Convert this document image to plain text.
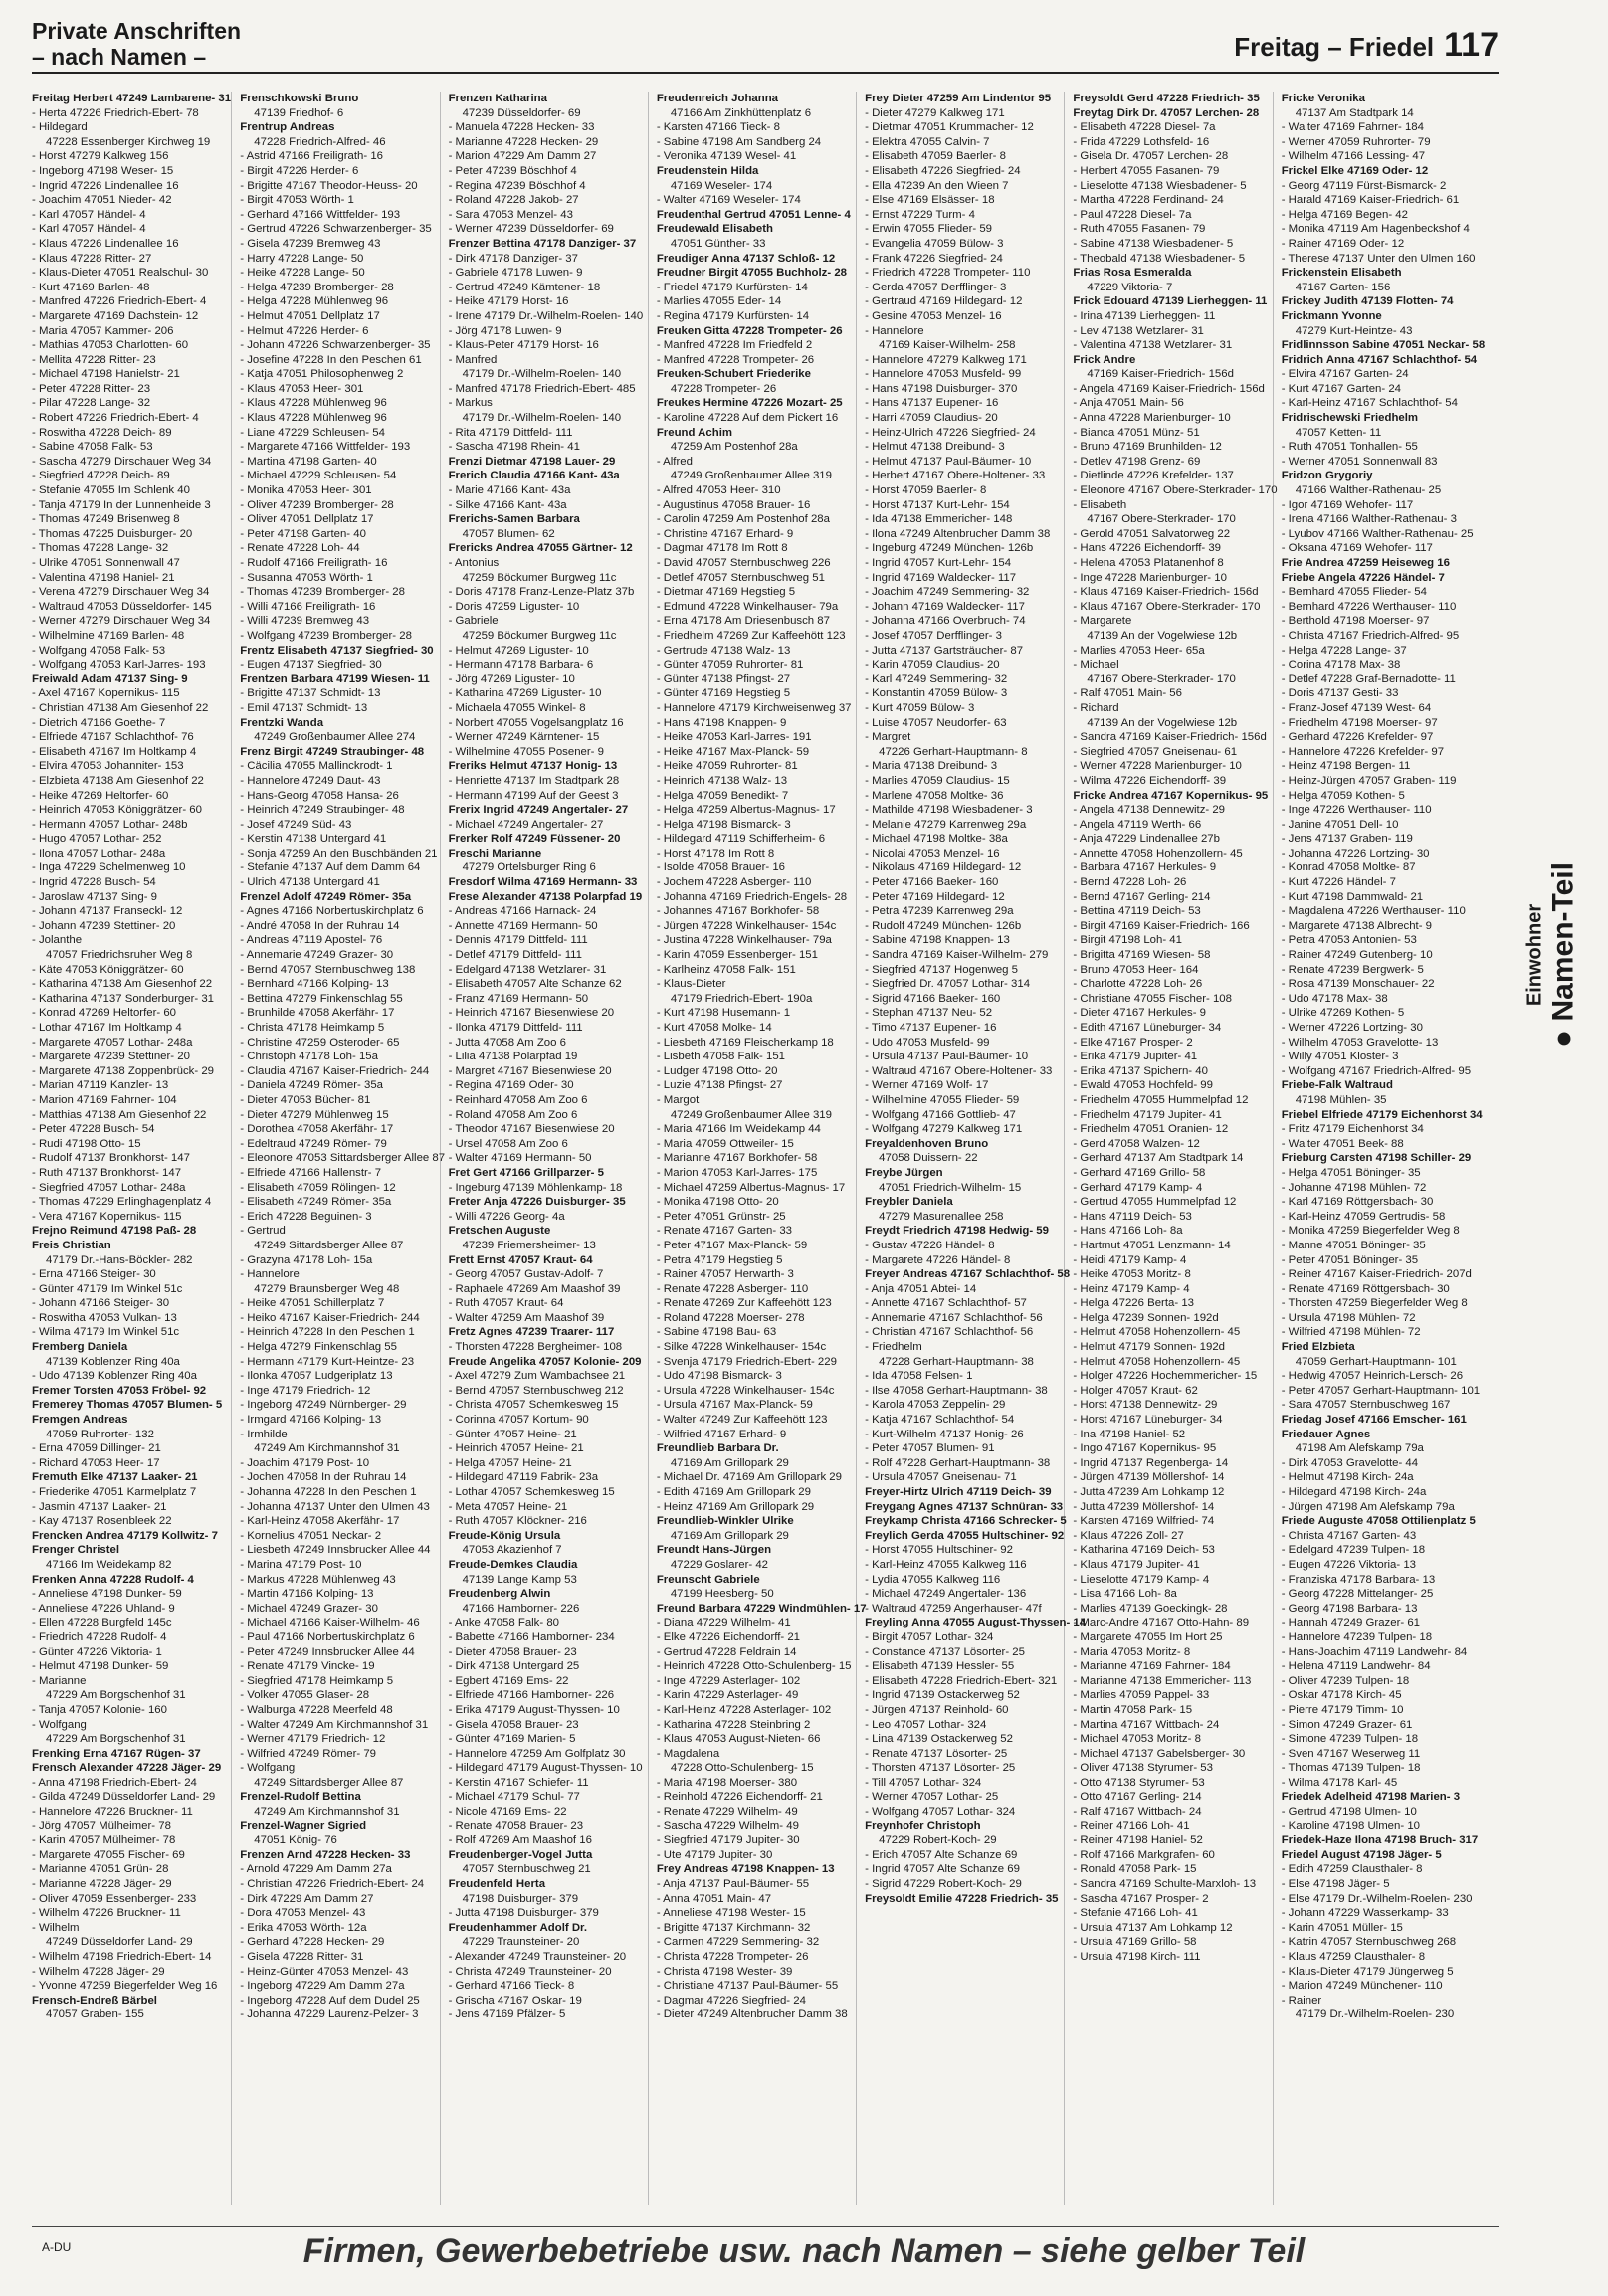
Private Anschriften
– nach Namen –	Freitag – Friedel 117
Freitag Herbert 47249 Lambarene- 31
- Herta 47226 Friedrich-Ebert- 78
- Hildegard
47228 Essenberger Kirchweg 19
- Horst 47279 Kalkweg 156
- Ingeborg 47198 Weser- 15
- Ingrid 47226 Lindenallee 16
- Joachim 47051 Nieder- 42
- Karl 47057 Händel- 4
- Karl 47057 Händel- 4
- Klaus 47226 Lindenallee 16
- Klaus 47228 Ritter- 27
- Klaus-Dieter 47051 Realschul- 30
- Kurt 47169 Barlen- 48
- Manfred 47226 Friedrich-Ebert- 4
- Margarete 47169 Dachstein- 12
- Maria 47057 Kammer- 206
- Mathias 47053 Charlotten- 60
- Mellita 47228 Ritter- 23
- Michael 47198 Hanielstr- 21
- Peter 47228 Ritter- 23
- Pilar 47228 Lange- 32
- Robert 47226 Friedrich-Ebert- 4
- Roswitha 47228 Deich- 89
- Sabine 47058 Falk- 53
- Sascha 47279 Dirschauer Weg 34
- Siegfried 47228 Deich- 89
- Stefanie 47055 Im Schlenk 40
- Tanja 47179 In der Lunnenheide 3
- Thomas 47249 Brisenweg 8
- Thomas 47225 Duisburger- 20
- Thomas 47228 Lange- 32
- Ulrike 47051 Sonnenwall 47
- Valentina 47198 Haniel- 21
- Verena 47279 Dirschauer Weg 34
- Waltraud 47053 Düsseldorfer- 145
- Werner 47279 Dirschauer Weg 34
- Wilhelmine 47169 Barlen- 48
- Wolfgang 47058 Falk- 53
- Wolfgang 47053 Karl-Jarres- 193
Freiwald Adam 47137 Sing- 9
- Axel 47167 Kopernikus- 115
- Christian 47138 Am Giesenhof 22
- Dietrich 47166 Goethe- 7
- Elfriede 47167 Schlachthof- 76
- Elisabeth 47167 Im Holtkamp 4
- Elvira 47053 Johanniter- 153
- Elzbieta 47138 Am Giesenhof 22
- Heike 47269 Heltorfer- 60
- Heinrich 47053 Königgrätzer- 60
- Hermann 47057 Lothar- 248b
- Hugo 47057 Lothar- 252
- Ilona 47057 Lothar- 248a
- Inga 47229 Schelmenweg 10
- Ingrid 47228 Busch- 54
- Jaroslaw 47137 Sing- 9
- Johann 47137 Franseckl- 12
- Johann 47239 Stettiner- 20
- Jolanthe
47057 Friedrichsruher Weg 8
- Käte 47053 Königgrätzer- 60
- Katharina 47138 Am Giesenhof 22
- Katharina 47137 Sonderburger- 31
- Konrad 47269 Heltorfer- 60
- Lothar 47167 Im Holtkamp 4
- Margarete 47057 Lothar- 248a
- Margarete 47239 Stettiner- 20
- Margarete 47138 Zoppenbrück- 29
- Marian 47119 Kanzler- 13
- Marion 47169 Fahrner- 104
- Matthias 47138 Am Giesenhof 22
- Peter 47228 Busch- 54
- Rudi 47198 Otto- 15
- Rudolf 47137 Bronkhorst- 147
- Ruth 47137 Bronkhorst- 147
- Siegfried 47057 Lothar- 248a
- Thomas 47229 Erlinghagenplatz 4
- Vera 47167 Kopernikus- 115
Frejno Reimund 47198 Paß- 28
Freis Christian
47179 Dr.-Hans-Böckler- 282
- Erna 47166 Steiger- 30
- Günter 47179 Im Winkel 51c
- Johann 47166 Steiger- 30
- Roswitha 47053 Vulkan- 13
- Wilma 47179 Im Winkel 51c
Fremberg Daniela
47139 Koblenzer Ring 40a
- Udo 47139 Koblenzer Ring 40a
Fremer Torsten 47053 Fröbel- 92
Fremerey Thomas 47057 Blumen- 5
Fremgen Andreas
47059 Ruhrorter- 132
- Erna 47059 Dillinger- 21
- Richard 47053 Heer- 17
Fremuth Elke 47137 Laaker- 21
- Friederike 47051 Karmelplatz 7
- Jasmin 47137 Laaker- 21
- Kay 47137 Rosenbleek 22
Frencken Andrea 47179 Kollwitz- 7
Frenger Christel
47166 Im Weidekamp 82
Frenken Anna 47228 Rudolf- 4
- Anneliese 47198 Dunker- 59
- Anneliese 47226 Uhland- 9
- Ellen 47228 Burgfeld 145c
- Friedrich 47228 Rudolf- 4
- Günter 47226 Viktoria- 1
- Helmut 47198 Dunker- 59
- Marianne
47229 Am Borgschenhof 31
- Tanja 47057 Kolonie- 160
- Wolfgang
47229 Am Borgschenhof 31
Frenking Erna 47167 Rügen- 37
Frensch Alexander 47228 Jäger- 29
- Anna 47198 Friedrich-Ebert- 24
- Gilda 47249 Düsseldorfer Land- 29
- Hannelore 47226 Bruckner- 11
- Jörg 47057 Mülheimer- 78
- Karin 47057 Mülheimer- 78
- Margarete 47055 Fischer- 69
- Marianne 47051 Grün- 28
- Marianne 47228 Jäger- 29
- Oliver 47059 Essenberger- 233
- Wilhelm 47226 Bruckner- 11
- Wilhelm
47249 Düsseldorfer Land- 29
- Wilhelm 47198 Friedrich-Ebert- 14
- Wilhelm 47228 Jäger- 29
- Yvonne 47259 Biegerfelder Weg 16
Frensch-Endreß Bärbel
47057 Graben- 155
Frenschkowski Bruno
47139 Friedhof- 6
Frentrup Andreas
47228 Friedrich-Alfred- 46
- Astrid 47166 Freiligrath- 16
- Birgit 47226 Herder- 6
- Brigitte 47167 Theodor-Heuss- 20
- Birgit 47053 Wörth- 1
- Gerhard 47166 Wittfelder- 193
- Gertrud 47226 Schwarzenberger- 35
- Gisela 47239 Bremweg 43
- Harry 47228 Lange- 50
- Heike 47228 Lange- 50
- Helga 47239 Bromberger- 28
- Helga 47228 Mühlenweg 96
- Helmut 47051 Dellplatz 17
- Helmut 47226 Herder- 6
- Johann 47226 Schwarzenberger- 35
- Josefine 47228 In den Peschen 61
- Katja 47051 Philosophenweg 2
- Klaus 47053 Heer- 301
- Klaus 47228 Mühlenweg 96
- Klaus 47228 Mühlenweg 96
- Liane 47229 Schleusen- 54
- Margarete 47166 Wittfelder- 193
- Martina 47198 Garten- 40
- Michael 47229 Schleusen- 54
- Monika 47053 Heer- 301
- Oliver 47239 Bromberger- 28
- Oliver 47051 Dellplatz 17
- Peter 47198 Garten- 40
- Renate 47228 Loh- 44
- Rudolf 47166 Freiligrath- 16
- Susanna 47053 Wörth- 1
- Thomas 47239 Bromberger- 28
- Willi 47166 Freiligrath- 16
- Willi 47239 Bremweg 43
- Wolfgang 47239 Bromberger- 28
Frentz Elisabeth 47137 Siegfried- 30
- Eugen 47137 Siegfried- 30
Frentzen Barbara 47199 Wiesen- 11
- Brigitte 47137 Schmidt- 13
- Emil 47137 Schmidt- 13
Frentzki Wanda
47249 Großenbaumer Allee 274
Frenz Birgit 47249 Straubinger- 48
- Cäcilia 47055 Mallinckrodt- 1
- Hannelore 47249 Daut- 43
- Hans-Georg 47058 Hansa- 26
- Heinrich 47249 Straubinger- 48
- Josef 47249 Süd- 43
- Kerstin 47138 Untergard 41
- Sonja 47259 An den Buschbänden 21
- Stefanie 47137 Auf dem Damm 64
- Ulrich 47138 Untergard 41
Frenzel Adolf 47249 Römer- 35a
- Agnes 47166 Norbertuskirchplatz 6
- André 47058 In der Ruhrau 14
- Andreas 47119 Apostel- 76
- Annemarie 47249 Grazer- 30
- Bernd 47057 Sternbuschweg 138
- Bernhard 47166 Kolping- 13
- Bettina 47279 Finkenschlag 55
- Brunhilde 47058 Akerfähr- 17
- Christa 47178 Heimkamp 5
- Christine 47259 Osteroder- 65
- Christoph 47178 Loh- 15a
- Claudia 47167 Kaiser-Friedrich- 244
- Daniela 47249 Römer- 35a
- Dieter 47053 Bücher- 81
- Dieter 47279 Mühlenweg 15
- Dorothea 47058 Akerfähr- 17
- Edeltraud 47249 Römer- 79
- Eleonore 47053 Sittardsberger Allee 87
- Elfriede 47166 Hallenstr- 7
- Elisabeth 47059 Rölingen- 12
- Elisabeth 47249 Römer- 35a
- Erich 47228 Beguinen- 3
- Gertrud
47249 Sittardsberger Allee 87
- Grazyna 47178 Loh- 15a
- Hannelore
47279 Braunsberger Weg 48
- Heike 47051 Schillerplatz 7
- Heiko 47167 Kaiser-Friedrich- 244
- Heinrich 47228 In den Peschen 1
- Helga 47279 Finkenschlag 55
- Hermann 47179 Kurt-Heintze- 23
- Ilonka 47057 Ludgeriplatz 13
- Inge 47179 Friedrich- 12
- Ingeborg 47249 Nürnberger- 29
- Irmgard 47166 Kolping- 13
- Irmhilde
47249 Am Kirchmannshof 31
- Joachim 47179 Post- 10
- Jochen 47058 In der Ruhrau 14
- Johanna 47228 In den Peschen 1
- Johanna 47137 Unter den Ulmen 43
- Karl-Heinz 47058 Akerfähr- 17
- Kornelius 47051 Neckar- 2
- Liesbeth 47249 Innsbrucker Allee 44
- Marina 47179 Post- 10
- Markus 47228 Mühlenweg 43
- Martin 47166 Kolping- 13
- Michael 47249 Grazer- 30
- Michael 47166 Kaiser-Wilhelm- 46
- Paul 47166 Norbertuskirchplatz 6
- Peter 47249 Innsbrucker Allee 44
- Renate 47179 Vincke- 19
- Siegfried 47178 Heimkamp 5
- Volker 47055 Glaser- 28
- Walburga 47228 Meerfeld 48
- Walter 47249 Am Kirchmannshof 31
- Werner 47179 Friedrich- 12
- Wilfried 47249 Römer- 79
- Wolfgang
47249 Sittardsberger Allee 87
Frenzel-Rudolf Bettina
47249 Am Kirchmannshof 31
Frenzel-Wagner Sigried
47051 König- 76
Frenzen Arnd 47228 Hecken- 33
- Arnold 47229 Am Damm 27a
- Christian 47226 Friedrich-Ebert- 24
- Dirk 47229 Am Damm 27
- Dora 47053 Menzel- 43
- Erika 47053 Wörth- 12a
- Gerhard 47228 Hecken- 29
- Gisela 47228 Ritter- 31
- Heinz-Günter 47053 Menzel- 43
- Ingeborg 47229 Am Damm 27a
- Ingeborg 47228 Auf dem Dudel 25
- Johanna 47229 Laurenz-Pelzer- 3
Frenzen Katharina
47239 Düsseldorfer- 69
- Manuela 47228 Hecken- 33
- Marianne 47228 Hecken- 29
- Marion 47229 Am Damm 27
- Peter 47239 Böschhof 4
- Regina 47239 Böschhof 4
- Roland 47228 Jakob- 27
- Sara 47053 Menzel- 43
- Werner 47239 Düsseldorfer- 69
Frenzer Bettina 47178 Danziger- 37
- Dirk 47178 Danziger- 37
- Gabriele 47178 Luwen- 9
- Gertrud 47249 Kämtener- 18
- Heike 47179 Horst- 16
- Irene 47179 Dr.-Wilhelm-Roelen- 140
- Jörg 47178 Luwen- 9
- Klaus-Peter 47179 Horst- 16
- Manfred
47179 Dr.-Wilhelm-Roelen- 140
- Manfred 47178 Friedrich-Ebert- 485
- Markus
47179 Dr.-Wilhelm-Roelen- 140
- Rita 47179 Dittfeld- 111
- Sascha 47198 Rhein- 41
Frenzi Dietmar 47198 Lauer- 29
Frerich Claudia 47166 Kant- 43a
- Marie 47166 Kant- 43a
- Silke 47166 Kant- 43a
Frerichs-Samen Barbara
47057 Blumen- 62
Frericks Andrea 47055 Gärtner- 12
- Antonius
47259 Böckumer Burgweg 11c
- Doris 47178 Franz-Lenze-Platz 37b
- Doris 47259 Liguster- 10
- Gabriele
47259 Böckumer Burgweg 11c
- Helmut 47269 Liguster- 10
- Hermann 47178 Barbara- 6
- Jörg 47269 Liguster- 10
- Katharina 47269 Liguster- 10
- Michaela 47055 Winkel- 8
- Norbert 47055 Vogelsangplatz 16
- Werner 47249 Kärntener- 15
- Wilhelmine 47055 Posener- 9
Freriks Helmut 47137 Honig- 13
- Henriette 47137 Im Stadtpark 28
- Hermann 47199 Auf der Geest 3
Frerix Ingrid 47249 Angertaler- 27
- Michael 47249 Angertaler- 27
Frerker Rolf 47249 Füssener- 20
Freschi Marianne
47279 Ortelsburger Ring 6
Fresdorf Wilma 47169 Hermann- 33
Frese Alexander 47138 Polarpfad 19
- Andreas 47166 Harnack- 24
- Annette 47169 Hermann- 50
- Dennis 47179 Dittfeld- 111
- Detlef 47179 Dittfeld- 111
- Edelgard 47138 Wetzlarer- 31
- Elisabeth 47057 Alte Schanze 62
- Franz 47169 Hermann- 50
- Heinrich 47167 Biesenwiese 20
- Ilonka 47179 Dittfeld- 111
- Jutta 47058 Am Zoo 6
- Lilia 47138 Polarpfad 19
- Margret 47167 Biesenwiese 20
- Regina 47169 Oder- 30
- Reinhard 47058 Am Zoo 6
- Roland 47058 Am Zoo 6
- Theodor 47167 Biesenwiese 20
- Ursel 47058 Am Zoo 6
- Walter 47169 Hermann- 50
Fret Gert 47166 Grillparzer- 5
- Ingeburg 47139 Möhlenkamp- 18
Freter Anja 47226 Duisburger- 35
- Willi 47226 Georg- 4a
Fretschen Auguste
47239 Friemersheimer- 13
Frett Ernst 47057 Kraut- 64
- Georg 47057 Gustav-Adolf- 7
- Raphaele 47269 Am Maashof 39
- Ruth 47057 Kraut- 64
- Walter 47259 Am Maashof 39
Fretz Agnes 47239 Traarer- 117
- Thorsten 47228 Bergheimer- 108
Freude Angelika 47057 Kolonie- 209
- Axel 47279 Zum Wambachsee 21
- Bernd 47057 Sternbuschweg 212
- Christa 47057 Schemkesweg 15
- Corinna 47057 Kortum- 90
- Günter 47057 Heine- 21
- Heinrich 47057 Heine- 21
- Helga 47057 Heine- 21
- Hildegard 47119 Fabrik- 23a
- Lothar 47057 Schemkesweg 15
- Meta 47057 Heine- 21
- Ruth 47057 Klöckner- 216
Freude-König Ursula
47053 Akazienhof 7
Freude-Demkes Claudia
47139 Lange Kamp 53
Freudenberg Alwin
47166 Hamborner- 226
- Anke 47058 Falk- 80
- Babette 47166 Hamborner- 234
- Dieter 47058 Brauer- 23
- Dirk 47138 Untergard 25
- Egbert 47169 Ems- 22
- Elfriede 47166 Hamborner- 226
- Erika 47179 August-Thyssen- 10
- Gisela 47058 Brauer- 23
- Günter 47169 Marien- 5
- Hannelore 47259 Am Golfplatz 30
- Hildegard 47179 August-Thyssen- 10
- Kerstin 47167 Schiefer- 11
- Michael 47179 Schul- 77
- Nicole 47169 Ems- 22
- Renate 47058 Brauer- 23
- Rolf 47269 Am Maashof 16
Freudenberger-Vogel Jutta
47057 Sternbuschweg 21
Freudenfeld Herta
47198 Duisburger- 379
- Jutta 47198 Duisburger- 379
Freudenhammer Adolf Dr.
47229 Traunsteiner- 20
- Alexander 47249 Traunsteiner- 20
- Christa 47249 Traunsteiner- 20
- Gerhard 47166 Tieck- 8
- Grischa 47167 Oskar- 19
- Jens 47169 Pfälzer- 5
Freudenreich Johanna
47166 Am Zinkhüttenplatz 6
- Karsten 47166 Tieck- 8
- Sabine 47198 Am Sandberg 24
- Veronika 47139 Wesel- 41
Freudenstein Hilda
47169 Weseler- 174
- Walter 47169 Weseler- 174
Freudenthal Gertrud 47051 Lenne- 4
Freudewald Elisabeth
47051 Günther- 33
Freudiger Anna 47137 Schloß- 12
Freudner Birgit 47055 Buchholz- 28
- Friedel 47179 Kurfürsten- 14
- Marlies 47055 Eder- 14
- Regina 47179 Kurfürsten- 14
Freuken Gitta 47228 Trompeter- 26
- Manfred 47228 Im Friedfeld 2
- Manfred 47228 Trompeter- 26
Freuken-Schubert Friederike
47228 Trompeter- 26
Freukes Hermine 47226 Mozart- 25
- Karoline 47228 Auf dem Pickert 16
Freund Achim
47259 Am Postenhof 28a
- Alfred
47249 Großenbaumer Allee 319
- Alfred 47053 Heer- 310
- Augustinus 47058 Brauer- 16
- Carolin 47259 Am Postenhof 28a
- Christine 47167 Erhard- 9
- Dagmar 47178 Im Rott 8
- David 47057 Sternbuschweg 226
- Detlef 47057 Sternbuschweg 51
- Dietmar 47169 Hegstieg 5
- Edmund 47228 Winkelhauser- 79a
- Erna 47178 Am Driesenbusch 87
- Friedhelm 47269 Zur Kaffeehött 123
- Gertrude 47138 Walz- 13
- Günter 47059 Ruhrorter- 81
- Günter 47138 Pfingst- 27
- Günter 47169 Hegstieg 5
- Hannelore 47179 Kirchweisenweg 37
- Hans 47198 Knappen- 9
- Heike 47053 Karl-Jarres- 191
- Heike 47167 Max-Planck- 59
- Heike 47059 Ruhrorter- 81
- Heinrich 47138 Walz- 13
- Helga 47059 Benedikt- 7
- Helga 47259 Albertus-Magnus- 17
- Helga 47198 Bismarck- 3
- Hildegard 47119 Schifferheim- 6
- Horst 47178 Im Rott 8
- Isolde 47058 Brauer- 16
- Jochem 47228 Asberger- 110
- Johanna 47169 Friedrich-Engels- 28
- Johannes 47167 Borkhofer- 58
- Jürgen 47228 Winkelhauser- 154c
- Justina 47228 Winkelhauser- 79a
- Karin 47059 Essenberger- 151
- Karlheinz 47058 Falk- 151
- Klaus-Dieter
47179 Friedrich-Ebert- 190a
- Kurt 47198 Husemann- 1
- Kurt 47058 Molke- 14
- Liesbeth 47169 Fleischerkamp 18
- Lisbeth 47058 Falk- 151
- Ludger 47198 Otto- 20
- Luzie 47138 Pfingst- 27
- Margot
47249 Großenbaumer Allee 319
- Maria 47166 Im Weidekamp 44
- Maria 47059 Ottweiler- 15
- Marianne 47167 Borkhofer- 58
- Marion 47053 Karl-Jarres- 175
- Michael 47259 Albertus-Magnus- 17
- Monika 47198 Otto- 20
- Peter 47051 Grünstr- 25
- Renate 47167 Garten- 33
- Peter 47167 Max-Planck- 59
- Petra 47179 Hegstieg 5
- Rainer 47057 Herwarth- 3
- Renate 47228 Asberger- 110
- Renate 47269 Zur Kaffeehött 123
- Roland 47228 Moerser- 278
- Sabine 47198 Bau- 63
- Silke 47228 Winkelhauser- 154c
- Svenja 47179 Friedrich-Ebert- 229
- Udo 47198 Bismarck- 3
- Ursula 47228 Winkelhauser- 154c
- Ursula 47167 Max-Planck- 59
- Walter 47249 Zur Kaffeehött 123
- Wilfried 47167 Erhard- 9
Freundlieb Barbara Dr.
47169 Am Grillopark 29
- Michael Dr. 47169 Am Grillopark 29
- Edith 47169 Am Grillopark 29
- Heinz 47169 Am Grillopark 29
Freundlieb-Winkler Ulrike
47169 Am Grillopark 29
Freundt Hans-Jürgen
47229 Goslarer- 42
Freunscht Gabriele
47199 Heesberg- 50
Freund Barbara 47229 Windmühlen- 17
- Diana 47229 Wilhelm- 41
- Elke 47226 Eichendorff- 21
- Gertrud 47228 Feldrain 14
- Heinrich 47228 Otto-Schulenberg- 15
- Inge 47229 Asterlager- 102
- Karin 47229 Asterlager- 49
- Karl-Heinz 47228 Asterlager- 102
- Katharina 47228 Steinbring 2
- Klaus 47053 August-Nieten- 66
- Magdalena
47228 Otto-Schulenberg- 15
- Maria 47198 Moerser- 380
- Reinhold 47226 Eichendorff- 21
- Renate 47229 Wilhelm- 49
- Sascha 47229 Wilhelm- 49
- Siegfried 47179 Jupiter- 30
- Ute 47179 Jupiter- 30
Frey Andreas 47198 Knappen- 13
- Anja 47137 Paul-Bäumer- 55
- Anna 47051 Main- 47
- Anneliese 47198 Wester- 15
- Brigitte 47137 Kirchmann- 32
- Carmen 47229 Semmering- 32
- Christa 47228 Trompeter- 26
- Christa 47198 Wester- 39
- Christiane 47137 Paul-Bäumer- 55
- Dagmar 47226 Siegfried- 24
- Dieter 47249 Altenbrucher Damm 38
Frey Dieter 47259 Am Lindentor 95
- Dieter 47279 Kalkweg 171
- Dietmar 47051 Krummacher- 12
- Elektra 47055 Calvin- 7
- Elisabeth 47059 Baerler- 8
- Elisabeth 47226 Siegfried- 24
- Ella 47239 An den Wieen 7
- Else 47169 Elsässer- 18
- Ernst 47229 Turm- 4
- Erwin 47055 Flieder- 59
- Evangelia 47059 Bülow- 3
- Frank 47226 Siegfried- 24
- Friedrich 47228 Trompeter- 110
- Gerda 47057 Derfflinger- 3
- Gertraud 47169 Hildegard- 12
- Gesine 47053 Menzel- 16
- Hannelore
47169 Kaiser-Wilhelm- 258
- Hannelore 47279 Kalkweg 171
- Hannelore 47053 Musfeld- 99
- Hans 47198 Duisburger- 370
- Hans 47137 Eupener- 16
- Harri 47059 Claudius- 20
- Heinz-Ulrich 47226 Siegfried- 24
- Helmut 47138 Dreibund- 3
- Helmut 47137 Paul-Bäumer- 10
- Herbert 47167 Obere-Holtener- 33
- Horst 47059 Baerler- 8
- Horst 47137 Kurt-Lehr- 154
- Ida 47138 Emmericher- 148
- Ilona 47249 Altenbrucher Damm 38
- Ingeburg 47249 München- 126b
- Ingrid 47057 Kurt-Lehr- 154
- Ingrid 47169 Waldecker- 117
- Joachim 47249 Semmering- 32
- Johann 47169 Waldecker- 117
- Johanna 47166 Overbruch- 74
- Josef 47057 Derfflinger- 3
- Jutta 47137 Gartsträucher- 87
- Karin 47059 Claudius- 20
- Karl 47249 Semmering- 32
- Konstantin 47059 Bülow- 3
- Kurt 47059 Bülow- 3
- Luise 47057 Neudorfer- 63
- Margret
47226 Gerhart-Hauptmann- 8
- Maria 47138 Dreibund- 3
- Marlies 47059 Claudius- 15
- Marlene 47058 Moltke- 36
- Mathilde 47198 Wiesbadener- 3
- Melanie 47279 Karrenweg 29a
- Michael 47198 Moltke- 38a
- Nicolai 47053 Menzel- 16
- Nikolaus 47169 Hildegard- 12
- Peter 47166 Baeker- 160
- Peter 47169 Hildegard- 12
- Petra 47239 Karrenweg 29a
- Rudolf 47249 München- 126b
- Sabine 47198 Knappen- 13
- Sandra 47169 Kaiser-Wilhelm- 279
- Siegfried 47137 Hogenweg 5
- Siegfried Dr. 47057 Lothar- 314
- Sigrid 47166 Baeker- 160
- Stephan 47137 Neu- 52
- Timo 47137 Eupener- 16
- Udo 47053 Musfeld- 99
- Ursula 47137 Paul-Bäumer- 10
- Waltraud 47167 Obere-Holtener- 33
- Werner 47169 Wolf- 17
- Wilhelmine 47055 Flieder- 59
- Wolfgang 47166 Gottlieb- 47
- Wolfgang 47279 Kalkweg 171
Freyaldenhoven Bruno
47058 Duissern- 22
Freybe Jürgen
47051 Friedrich-Wilhelm- 15
Freybler Daniela
47279 Masurenallee 258
Freydt Friedrich 47198 Hedwig- 59
- Gustav 47226 Händel- 8
- Margarete 47226 Händel- 8
Freyer Andreas 47167 Schlachthof- 58
- Anja 47051 Abtei- 14
- Annette 47167 Schlachthof- 57
- Annemarie 47167 Schlachthof- 56
- Christian 47167 Schlachthof- 56
- Friedhelm
47228 Gerhart-Hauptmann- 38
- Ida 47058 Felsen- 1
- Ilse 47058 Gerhart-Hauptmann- 38
- Karola 47053 Zeppelin- 29
- Katja 47167 Schlachthof- 54
- Kurt-Wilhelm 47137 Honig- 26
- Peter 47057 Blumen- 91
- Rolf 47228 Gerhart-Hauptmann- 38
- Ursula 47057 Gneisenau- 71
Freyer-Hirtz Ulrich 47119 Deich- 39
Freygang Agnes 47137 Schnüran- 33
Freykamp Christa 47166 Schrecker- 5
Freylich Gerda 47055 Hultschiner- 92
- Horst 47055 Hultschiner- 92
- Karl-Heinz 47055 Kalkweg 116
- Lydia 47055 Kalkweg 116
- Michael 47249 Angertaler- 136
- Waltraud 47259 Angerhauser- 47f
Freyling Anna 47055 August-Thyssen- 14
- Birgit 47057 Lothar- 324
- Constance 47137 Lösorter- 25
- Elisabeth 47139 Hessler- 55
- Elisabeth 47228 Friedrich-Ebert- 321
- Ingrid 47139 Ostackerweg 52
- Jürgen 47137 Reinhold- 60
- Leo 47057 Lothar- 324
- Lina 47139 Ostackerweg 52
- Renate 47137 Lösorter- 25
- Thorsten 47137 Lösorter- 25
- Till 47057 Lothar- 324
- Werner 47057 Lothar- 25
- Wolfgang 47057 Lothar- 324
Freynhofer Christoph
47229 Robert-Koch- 29
- Erich 47057 Alte Schanze 69
- Ingrid 47057 Alte Schanze 69
- Sigrid 47229 Robert-Koch- 29
Freysoldt Emilie 47228 Friedrich- 35
Freysoldt Gerd 47228 Friedrich- 35
Freytag Dirk Dr. 47057 Lerchen- 28
- Elisabeth 47228 Diesel- 7a
- Frida 47229 Lothsfeld- 16
- Gisela Dr. 47057 Lerchen- 28
- Herbert 47055 Fasanen- 79
- Lieselotte 47138 Wiesbadener- 5
- Martha 47228 Ferdinand- 24
- Paul 47228 Diesel- 7a
- Ruth 47055 Fasanen- 79
- Sabine 47138 Wiesbadener- 5
- Theobald 47138 Wiesbadener- 5
Frias Rosa Esmeralda
47229 Viktoria- 7
Frick Edouard 47139 Lierheggen- 11
- Irina 47139 Lierheggen- 11
- Lev 47138 Wetzlarer- 31
- Valentina 47138 Wetzlarer- 31
Frick Andre
47169 Kaiser-Friedrich- 156d
- Angela 47169 Kaiser-Friedrich- 156d
- Anja 47051 Main- 56
- Anna 47228 Marienburger- 10
- Bianca 47051 Münz- 51
- Bruno 47169 Brunhilden- 12
- Detlev 47198 Grenz- 69
- Dietlinde 47226 Krefelder- 137
- Eleonore 47167 Obere-Sterkrader- 170
- Elisabeth
47167 Obere-Sterkrader- 170
- Gerold 47051 Salvatorweg 22
- Hans 47226 Eichendorff- 39
- Helena 47053 Platanenhof 8
- Inge 47228 Marienburger- 10
- Klaus 47169 Kaiser-Friedrich- 156d
- Klaus 47167 Obere-Sterkrader- 170
- Margarete
47139 An der Vogelwiese 12b
- Marlies 47053 Heer- 65a
- Michael
47167 Obere-Sterkrader- 170
- Ralf 47051 Main- 56
- Richard
47139 An der Vogelwiese 12b
- Sandra 47169 Kaiser-Friedrich- 156d
- Siegfried 47057 Gneisenau- 61
- Werner 47228 Marienburger- 10
- Wilma 47226 Eichendorff- 39
Fricke Andrea 47167 Kopernikus- 95
- Angela 47138 Dennewitz- 29
- Angela 47119 Werth- 66
- Anja 47229 Lindenallee 27b
- Annette 47058 Hohenzollern- 45
- Barbara 47167 Herkules- 9
- Bernd 47228 Loh- 26
- Bernd 47167 Gerling- 214
- Bettina 47119 Deich- 53
- Birgit 47169 Kaiser-Friedrich- 166
- Birgit 47198 Loh- 41
- Brigitta 47169 Wiesen- 58
- Bruno 47053 Heer- 164
- Charlotte 47228 Loh- 26
- Christiane 47055 Fischer- 108
- Dieter 47167 Herkules- 9
- Edith 47167 Lüneburger- 34
- Elke 47167 Prosper- 2
- Erika 47179 Jupiter- 41
- Erika 47137 Spichern- 40
- Ewald 47053 Hochfeld- 99
- Friedhelm 47055 Hummelpfad 12
- Friedhelm 47179 Jupiter- 41
- Friedhelm 47051 Oranien- 12
- Gerd 47058 Walzen- 12
- Gerhard 47137 Am Stadtpark 14
- Gerhard 47169 Grillo- 58
- Gerhard 47179 Kamp- 4
- Gertrud 47055 Hummelpfad 12
- Hans 47119 Deich- 53
- Hans 47166 Loh- 8a
- Hartmut 47051 Lenzmann- 14
- Heidi 47179 Kamp- 4
- Heike 47053 Moritz- 8
- Heinz 47179 Kamp- 4
- Helga 47226 Berta- 13
- Helga 47239 Sonnen- 192d
- Helmut 47058 Hohenzollern- 45
- Helmut 47179 Sonnen- 192d
- Helmut 47058 Hohenzollern- 45
- Holger 47226 Hochemmericher- 15
- Holger 47057 Kraut- 62
- Horst 47138 Dennewitz- 29
- Horst 47167 Lüneburger- 34
- Ina 47198 Haniel- 52
- Ingo 47167 Kopernikus- 95
- Ingrid 47137 Regenberga- 14
- Jürgen 47139 Möllershof- 14
- Jutta 47239 Am Lohkamp 12
- Jutta 47239 Möllershof- 14
- Karsten 47169 Wilfried- 74
- Klaus 47226 Zoll- 27
- Katharina 47169 Deich- 53
- Klaus 47179 Jupiter- 41
- Lieselotte 47179 Kamp- 4
- Lisa 47166 Loh- 8a
- Marlies 47139 Goeckingk- 28
- Marc-Andre 47167 Otto-Hahn- 89
- Margarete 47055 Im Hort 25
- Maria 47053 Moritz- 8
- Marianne 47169 Fahrner- 184
- Marianne 47138 Emmericher- 113
- Marlies 47059 Pappel- 33
- Martin 47058 Park- 15
- Martina 47167 Wittbach- 24
- Michael 47053 Moritz- 8
- Michael 47137 Gabelsberger- 30
- Oliver 47138 Styrumer- 53
- Otto 47138 Styrumer- 53
- Otto 47167 Gerling- 214
- Ralf 47167 Wittbach- 24
- Reiner 47166 Loh- 41
- Reiner 47198 Haniel- 52
- Rolf 47166 Markgrafen- 60
- Ronald 47058 Park- 15
- Sandra 47169 Schulte-Marxloh- 13
- Sascha 47167 Prosper- 2
- Stefanie 47166 Loh- 41
- Ursula 47137 Am Lohkamp 12
- Ursula 47169 Grillo- 58
- Ursula 47198 Kirch- 111
Fricke Veronika
47137 Am Stadtpark 14
- Walter 47169 Fahrner- 184
- Werner 47059 Ruhrorter- 79
- Wilhelm 47166 Lessing- 47
Frickel Elke 47169 Oder- 12
- Georg 47119 Fürst-Bismarck- 2
- Harald 47169 Kaiser-Friedrich- 61
- Helga 47169 Begen- 42
- Monika 47119 Am Hagenbeckshof 4
- Rainer 47169 Oder- 12
- Therese 47137 Unter den Ulmen 160
Frickenstein Elisabeth
47167 Garten- 156
Frickey Judith 47139 Flotten- 74
Frickmann Yvonne
47279 Kurt-Heintze- 43
Fridlinnsson Sabine 47051 Neckar- 58
Fridrich Anna 47167 Schlachthof- 54
- Elvira 47167 Garten- 24
- Kurt 47167 Garten- 24
- Karl-Heinz 47167 Schlachthof- 54
Fridrischewski Friedhelm
47057 Ketten- 11
- Ruth 47051 Tonhallen- 55
- Werner 47051 Sonnenwall 83
Fridzon Grygoriy
47166 Walther-Rathenau- 25
- Igor 47169 Wehofer- 117
- Irena 47166 Walther-Rathenau- 3
- Lyubov 47166 Walther-Rathenau- 25
- Oksana 47169 Wehofer- 117
Frie Andrea 47259 Heiseweg 16
Friebe Angela 47226 Händel- 7
- Bernhard 47055 Flieder- 54
- Bernhard 47226 Werthauser- 110
- Berthold 47198 Moerser- 97
- Christa 47167 Friedrich-Alfred- 95
- Helga 47228 Lange- 37
- Corina 47178 Max- 38
- Detlef 47228 Graf-Bernadotte- 11
- Doris 47137 Gesti- 33
- Franz-Josef 47139 West- 64
- Friedhelm 47198 Moerser- 97
- Gerhard 47226 Krefelder- 97
- Hannelore 47226 Krefelder- 97
- Heinz 47198 Bergen- 11
- Heinz-Jürgen 47057 Graben- 119
- Helga 47059 Kothen- 5
- Inge 47226 Werthauser- 110
- Janine 47051 Dell- 10
- Jens 47137 Graben- 119
- Johanna 47226 Lortzing- 30
- Konrad 47058 Moltke- 87
- Kurt 47226 Händel- 7
- Kurt 47198 Dammwald- 21
- Magdalena 47226 Werthauser- 110
- Margarete 47138 Albrecht- 9
- Petra 47053 Antonien- 53
- Rainer 47249 Gutenberg- 10
- Renate 47239 Bergwerk- 5
- Rosa 47139 Monschauer- 22
- Udo 47178 Max- 38
- Ulrike 47269 Kothen- 5
- Werner 47226 Lortzing- 30
- Wilhelm 47053 Gravelotte- 13
- Willy 47051 Kloster- 3
- Wolfgang 47167 Friedrich-Alfred- 95
Friebe-Falk Waltraud
47198 Mühlen- 35
Friebel Elfriede 47179 Eichenhorst 34
- Fritz 47179 Eichenhorst 34
- Walter 47051 Beek- 88
Frieburg Carsten 47198 Schiller- 29
- Helga 47051 Böninger- 35
- Johanne 47198 Mühlen- 72
- Karl 47169 Röttgersbach- 30
- Karl-Heinz 47059 Gertrudis- 58
- Monika 47259 Biegerfelder Weg 8
- Manne 47051 Böninger- 35
- Peter 47051 Böninger- 35
- Reiner 47167 Kaiser-Friedrich- 207d
- Renate 47169 Röttgersbach- 30
- Thorsten 47259 Biegerfelder Weg 8
- Ursula 47198 Mühlen- 72
- Wilfried 47198 Mühlen- 72
Fried Elzbieta
47059 Gerhart-Hauptmann- 101
- Hedwig 47057 Heinrich-Lersch- 26
- Peter 47057 Gerhart-Hauptmann- 101
- Sara 47057 Sternbuschweg 167
Friedag Josef 47166 Emscher- 161
Friedauer Agnes
47198 Am Alefskamp 79a
- Dirk 47053 Gravelotte- 44
- Helmut 47198 Kirch- 24a
- Hildegard 47198 Kirch- 24a
- Jürgen 47198 Am Alefskamp 79a
Friede Auguste 47058 Ottilienplatz 5
- Christa 47167 Garten- 43
- Edelgard 47239 Tulpen- 18
- Eugen 47226 Viktoria- 13
- Franziska 47178 Barbara- 13
- Georg 47228 Mittelanger- 25
- Georg 47198 Barbara- 13
- Hannah 47249 Grazer- 61
- Hannelore 47239 Tulpen- 18
- Hans-Joachim 47119 Landwehr- 84
- Helena 47119 Landwehr- 84
- Oliver 47239 Tulpen- 18
- Oskar 47178 Kirch- 45
- Pierre 47179 Timm- 10
- Simon 47249 Grazer- 61
- Simone 47239 Tulpen- 18
- Sven 47167 Weserweg 11
- Thomas 47139 Tulpen- 18
- Wilma 47178 Karl- 45
Friedek Adelheid 47198 Marien- 3
- Gertrud 47198 Ulmen- 10
- Karoline 47198 Ulmen- 10
Friedek-Haze Ilona 47198 Bruch- 317
Friedel August 47198 Jäger- 5
- Edith 47259 Clausthaler- 8
- Else 47198 Jäger- 5
- Else 47179 Dr.-Wilhelm-Roelen- 230
- Johann 47229 Wasserkamp- 33
- Karin 47051 Müller- 15
- Katrin 47057 Sternbuschweg 268
- Klaus 47259 Clausthaler- 8
- Klaus-Dieter 47179 Jüngerweg 5
- Marion 47249 Münchener- 110
- Rainer
47179 Dr.-Wilhelm-Roelen- 230
Einwohner ● Namen-Teil
A-DU	Firmen, Gewerbebetriebe usw. nach Namen – siehe gelber Teil
